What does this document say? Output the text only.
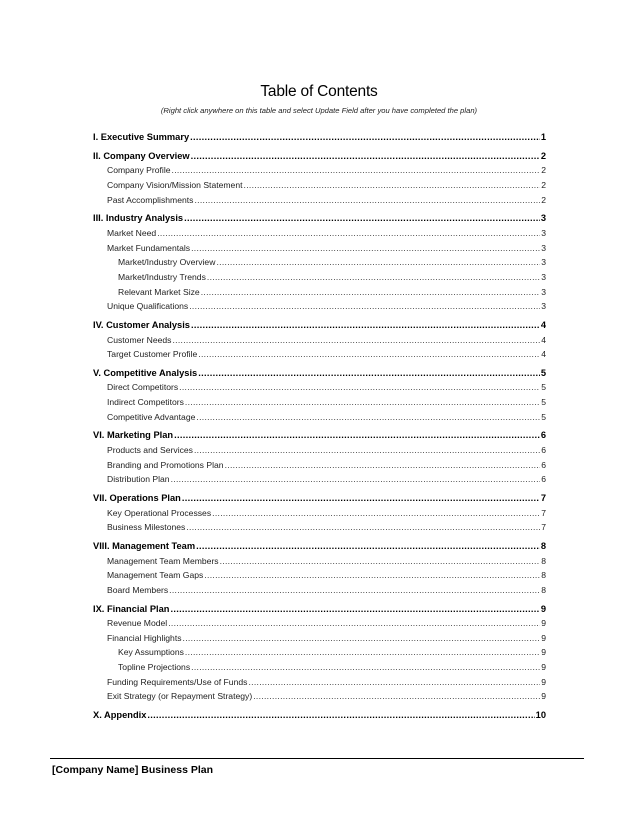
Table of Contents
(Right click anywhere on this table and select Update Field after you have completed the plan)
I. Executive Summary .....	1
II. Company Overview .....	2
Company Profile .....	2
Company Vision/Mission Statement .....	2
Past Accomplishments .....	2
III. Industry Analysis .....	3
Market Need .....	3
Market Fundamentals .....	3
Market/Industry Overview .....	3
Market/Industry Trends .....	3
Relevant Market Size .....	3
Unique Qualifications .....	3
IV. Customer Analysis .....	4
Customer Needs .....	4
Target Customer Profile .....	4
V. Competitive Analysis .....	5
Direct Competitors .....	5
Indirect Competitors .....	5
Competitive Advantage .....	5
VI. Marketing Plan .....	6
Products and Services .....	6
Branding and Promotions Plan .....	6
Distribution Plan .....	6
VII. Operations Plan .....	7
Key Operational Processes .....	7
Business Milestones .....	7
VIII. Management Team .....	8
Management Team Members .....	8
Management Team Gaps .....	8
Board Members .....	8
IX. Financial Plan .....	9
Revenue Model .....	9
Financial Highlights .....	9
Key Assumptions .....	9
Topline Projections .....	9
Funding Requirements/Use of Funds .....	9
Exit Strategy (or Repayment Strategy) .....	9
X. Appendix .....	10
[Company Name] Business Plan
